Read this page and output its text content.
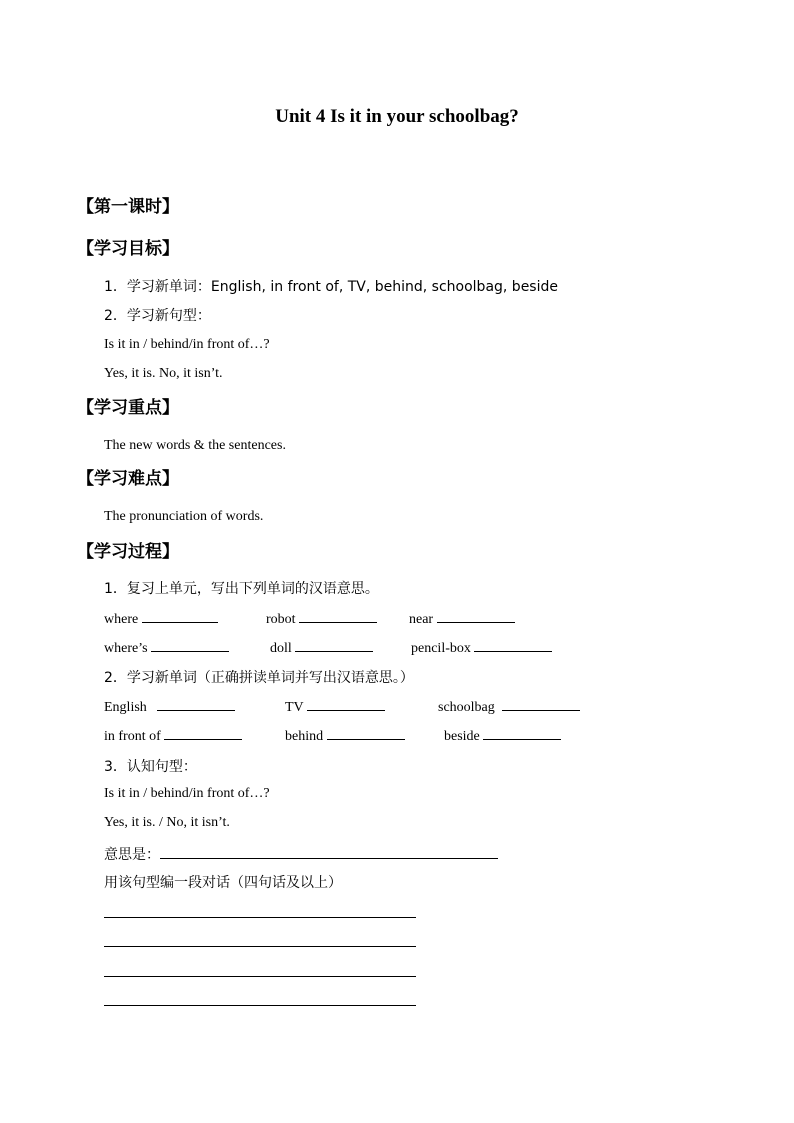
Unit 4 Is it in your schoolbag?
【第一课时】
【学习目标】
1．学习新单词：English, in front of, TV, behind, schoolbag, beside
2．学习新句型：
Is it in / behind/in front of…?
Yes, it is. No, it isn’t.
【学习重点】
The new words & the sentences.
【学习难点】
The pronunciation of words.
【学习过程】
1．复习上单元，写出下列单词的汉语意思。
where	robot	near
where’s	doll	pencil-box
2．学习新单词（正确拼读单词并写出汉语意思。）
English	TV	schoolbag
in front of	behind	beside
3．认知句型：
Is it in / behind/in front of…?
Yes, it is. / No, it isn’t.
意思是：
用该句型编一段对话（四句话及以上）
